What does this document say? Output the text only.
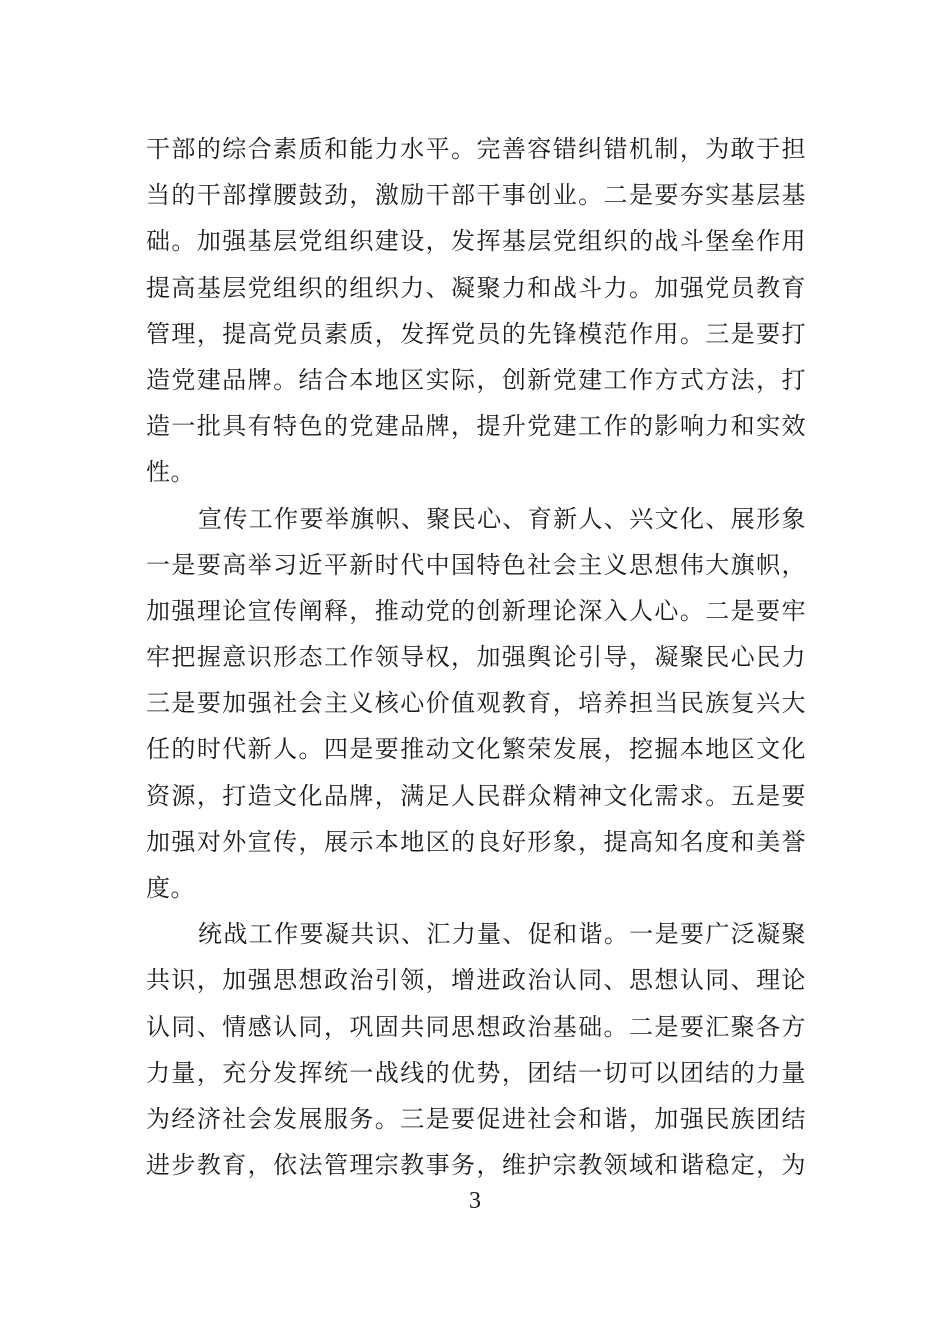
干部的综合素质和能力水平。完善容错纠错机制，为敢于担
当的干部撑腰鼓劲，激励干部干事创业。二是要夯实基层基
础。加强基层党组织建设，发挥基层党组织的战斗堡垒作用
提高基层党组织的组织力、凝聚力和战斗力。加强党员教育
管理，提高党员素质，发挥党员的先锋模范作用。三是要打
造党建品牌。结合本地区实际，创新党建工作方式方法，打
造一批具有特色的党建品牌，提升党建工作的影响力和实效
性。
宣传工作要举旗帜、聚民心、育新人、兴文化、展形象
一是要高举习近平新时代中国特色社会主义思想伟大旗帜，
加强理论宣传阐释，推动党的创新理论深入人心。二是要牢
牢把握意识形态工作领导权，加强舆论引导，凝聚民心民力
三是要加强社会主义核心价值观教育，培养担当民族复兴大
任的时代新人。四是要推动文化繁荣发展，挖掘本地区文化
资源，打造文化品牌，满足人民群众精神文化需求。五是要
加强对外宣传，展示本地区的良好形象，提高知名度和美誉
度。
统战工作要凝共识、汇力量、促和谐。一是要广泛凝聚
共识，加强思想政治引领，增进政治认同、思想认同、理论
认同、情感认同，巩固共同思想政治基础。二是要汇聚各方
力量，充分发挥统一战线的优势，团结一切可以团结的力量
为经济社会发展服务。三是要促进社会和谐，加强民族团结
进步教育，依法管理宗教事务，维护宗教领域和谐稳定，为
3
